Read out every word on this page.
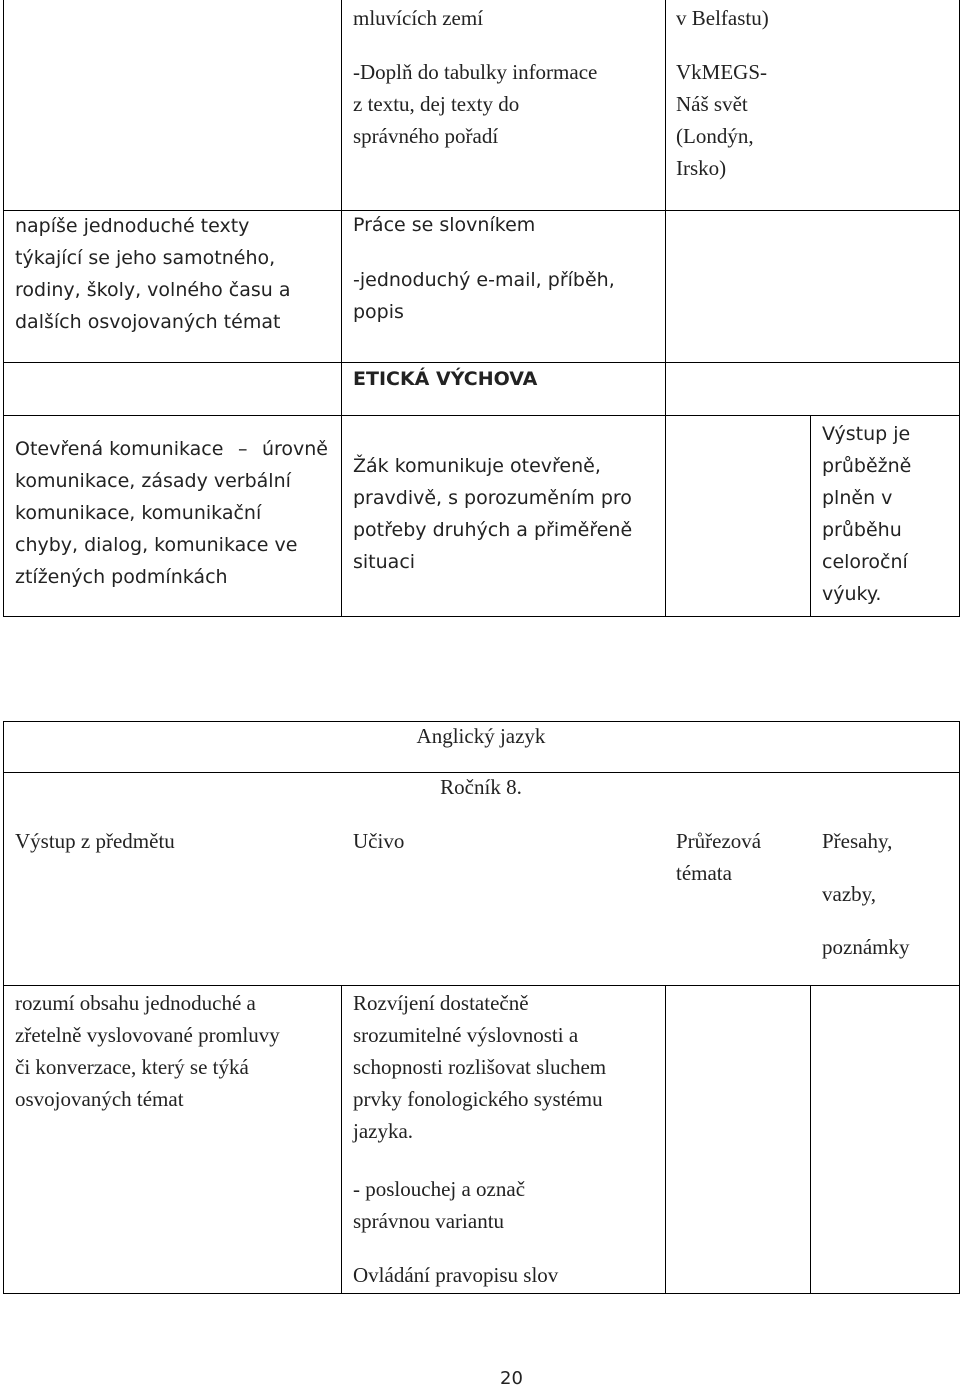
mluvících zemí
-Doplň do tabulky informace
z textu, dej texty do
správného pořadí
v Belfastu)
VkMEGS-
Náš svět
(Londýn,
Irsko)
napíše jednoduché texty
týkající se jeho samotného,
rodiny, školy, volného času a
dalších osvojovaných témat
Práce se slovníkem
-jednoduchý e-mail, příběh,
popis
ETICKÁ VÝCHOVA
Otevřená komunikace – úrovně
komunikace, zásady verbální
komunikace, komunikační
chyby, dialog, komunikace ve
ztížených podmínkách
Žák komunikuje otevřeně,
pravdivě, s porozuměním pro
potřeby druhých a přiměřeně
situaci
Výstup je
průběžně
plněn v
průběhu
celoroční
výuky.
Anglický jazyk
Ročník 8.
Výstup z předmětu	Učivo	Průřezová
témata
Přesahy,
vazby,
poznámky
rozumí obsahu jednoduché a
zřetelně vyslovované promluvy
či konverzace, který se týká
osvojovaných témat
Rozvíjení dostatečně
srozumitelné výslovnosti a
schopnosti rozlišovat sluchem
prvky fonologického systému
jazyka.
- poslouchej a označ
správnou variantu
Ovládání pravopisu slov
20
